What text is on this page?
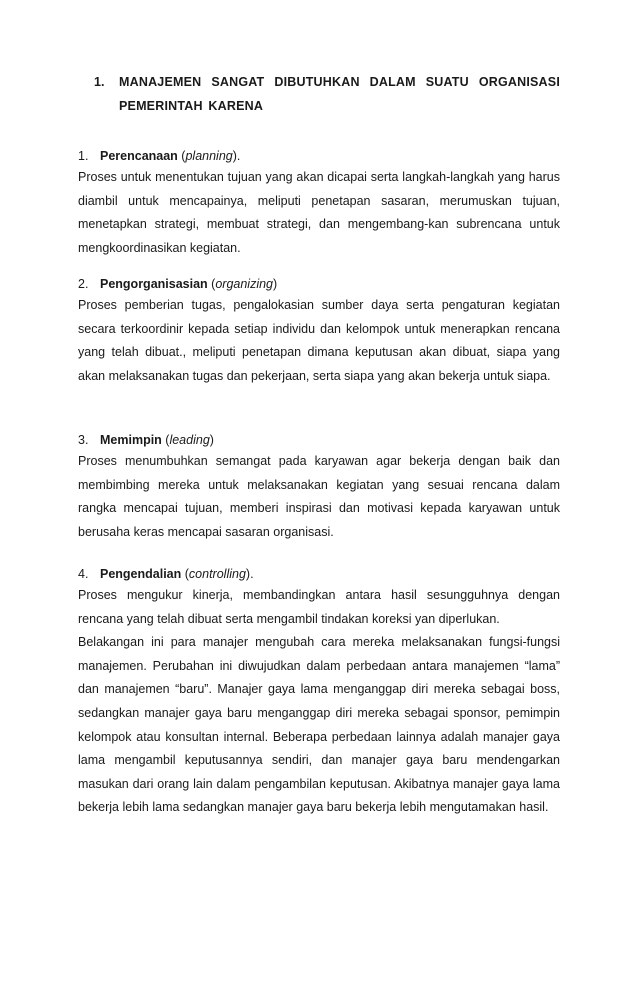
1. MANAJEMEN SANGAT DIBUTUHKAN DALAM SUATU ORGANISASI PEMERINTAH KARENA

1. Perencanaan (planning).

Proses untuk menentukan tujuan yang akan dicapai serta langkah-langkah yang harus diambil untuk mencapainya, meliputi penetapan sasaran, merumuskan tujuan, menetapkan strategi, membuat strategi, dan mengembang-kan subrencana untuk mengkoordinasikan kegiatan.

2. Pengorganisasian (organizing)

Proses pemberian tugas, pengalokasian sumber daya serta pengaturan kegiatan secara terkoordinir kepada setiap individu dan kelompok untuk menerapkan rencana yang telah dibuat., meliputi penetapan dimana keputusan akan dibuat, siapa yang akan melaksanakan tugas dan pekerjaan, serta siapa yang akan bekerja untuk siapa.

3. Memimpin (leading)

Proses menumbuhkan semangat pada karyawan agar bekerja dengan baik dan membimbing mereka untuk melaksanakan kegiatan yang sesuai rencana dalam rangka mencapai tujuan, memberi inspirasi dan motivasi kepada karyawan untuk berusaha keras mencapai sasaran organisasi.

4. Pengendalian (controlling).

Proses mengukur kinerja, membandingkan antara hasil sesungguhnya dengan rencana yang telah dibuat serta mengambil tindakan koreksi yan diperlukan.

Belakangan ini para manajer mengubah cara mereka melaksanakan fungsi-fungsi manajemen. Perubahan ini diwujudkan dalam perbedaan antara manajemen “lama” dan manajemen “baru”. Manajer gaya lama menganggap diri mereka sebagai boss, sedangkan manajer gaya baru menganggap diri mereka sebagai sponsor, pemimpin kelompok atau konsultan internal. Beberapa perbedaan lainnya adalah manajer gaya lama mengambil keputusannya sendiri, dan manajer gaya baru mendengarkan masukan dari orang lain dalam pengambilan keputusan. Akibatnya manajer gaya lama bekerja lebih lama sedangkan manajer gaya baru bekerja lebih mengutamakan hasil.
